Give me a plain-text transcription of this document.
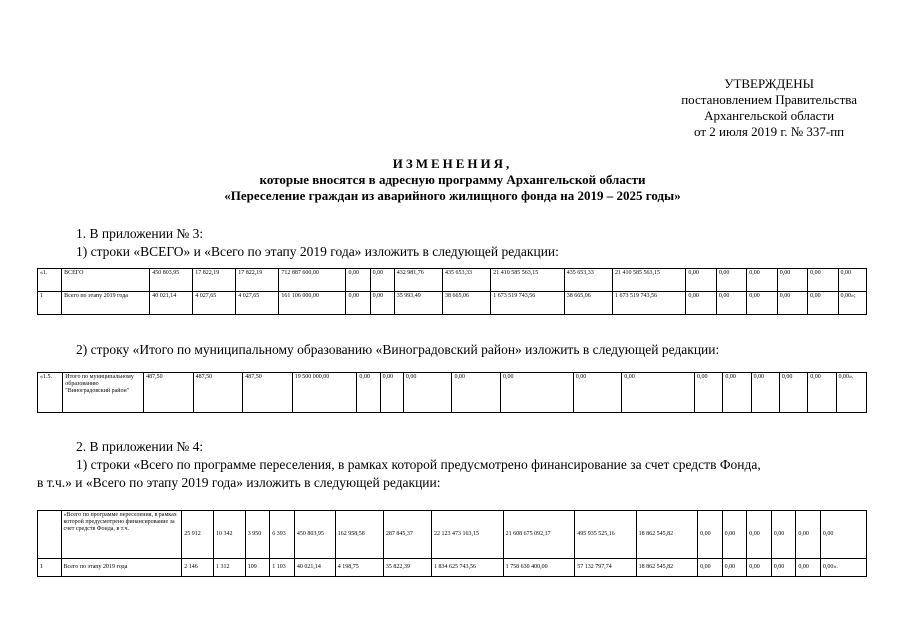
УТВЕРЖДЕНЫ
постановлением Правительства
Архангельской области
от 2 июля 2019 г. № 337-пп
ИЗМЕНЕНИЯ,
которые вносятся в адресную программу Архангельской области
«Переселение граждан из аварийного жилищного фонда на 2019 – 2025 годы»
1. В приложении № 3:
1) строки «ВСЕГО» и «Всего по этапу 2019 года» изложить в следующей редакции:
«1.	ВСЕГО	450 803,95	17 822,19	17 822,19	712 887 600,00	0,00	0,00	432 981,76	435 653,33	21 410 585 563,15	435 653,33	21 410 585 563,15	0,00	0,00	0,00	0,00	0,00	0,00
1	Всего по этапу 2019 года	40 021,14	4 027,65	4 027,65	161 106 000,00	0,00	0,00	35 993,49	38 665,06	1 673 519 743,56	38 665,06	1 673 519 743,56	0,00	0,00	0,00	0,00	0,00	0,00»;
2) строку «Итого по муниципальному образованию «Виноградовский район» изложить в следующей редакции:
«1.5.	Итого по муниципальному образованию "Виноградовский район"	487,50	487,50	487,50	19 500 000,00	0,00	0,00	0,00	0,00	0,00	0,00	0,00	0,00	0,00	0,00	0,00	0,00	0,00».
2. В приложении № 4:
1) строки «Всего по программе переселения, в рамках которой предусмотрено финансирование за счет средств Фонда,
в т.ч.» и «Всего по этапу 2019 года» изложить в следующей редакции:
	«Всего по программе переселения, в рамках которой предусмотрено финансирование за счет средств Фонда, в т.ч.	25 912	10 342	3 950	6 393	450 803,95	162 958,58	287 845,37	22 123 473 163,15	21 608 675 092,17	495 935 525,16	18 862 545,82	0,00	0,00	0,00	0,00	0,00	0,00
1	Всего по этапу 2019 года	2 146	1 312	109	1 103	40 021,14	4 198,75	35 822,39	1 834 625 743,56	1 758 630 400,00	57 132 797,74	18 862 545,82	0,00	0,00	0,00	0,00	0,00	0,00».
